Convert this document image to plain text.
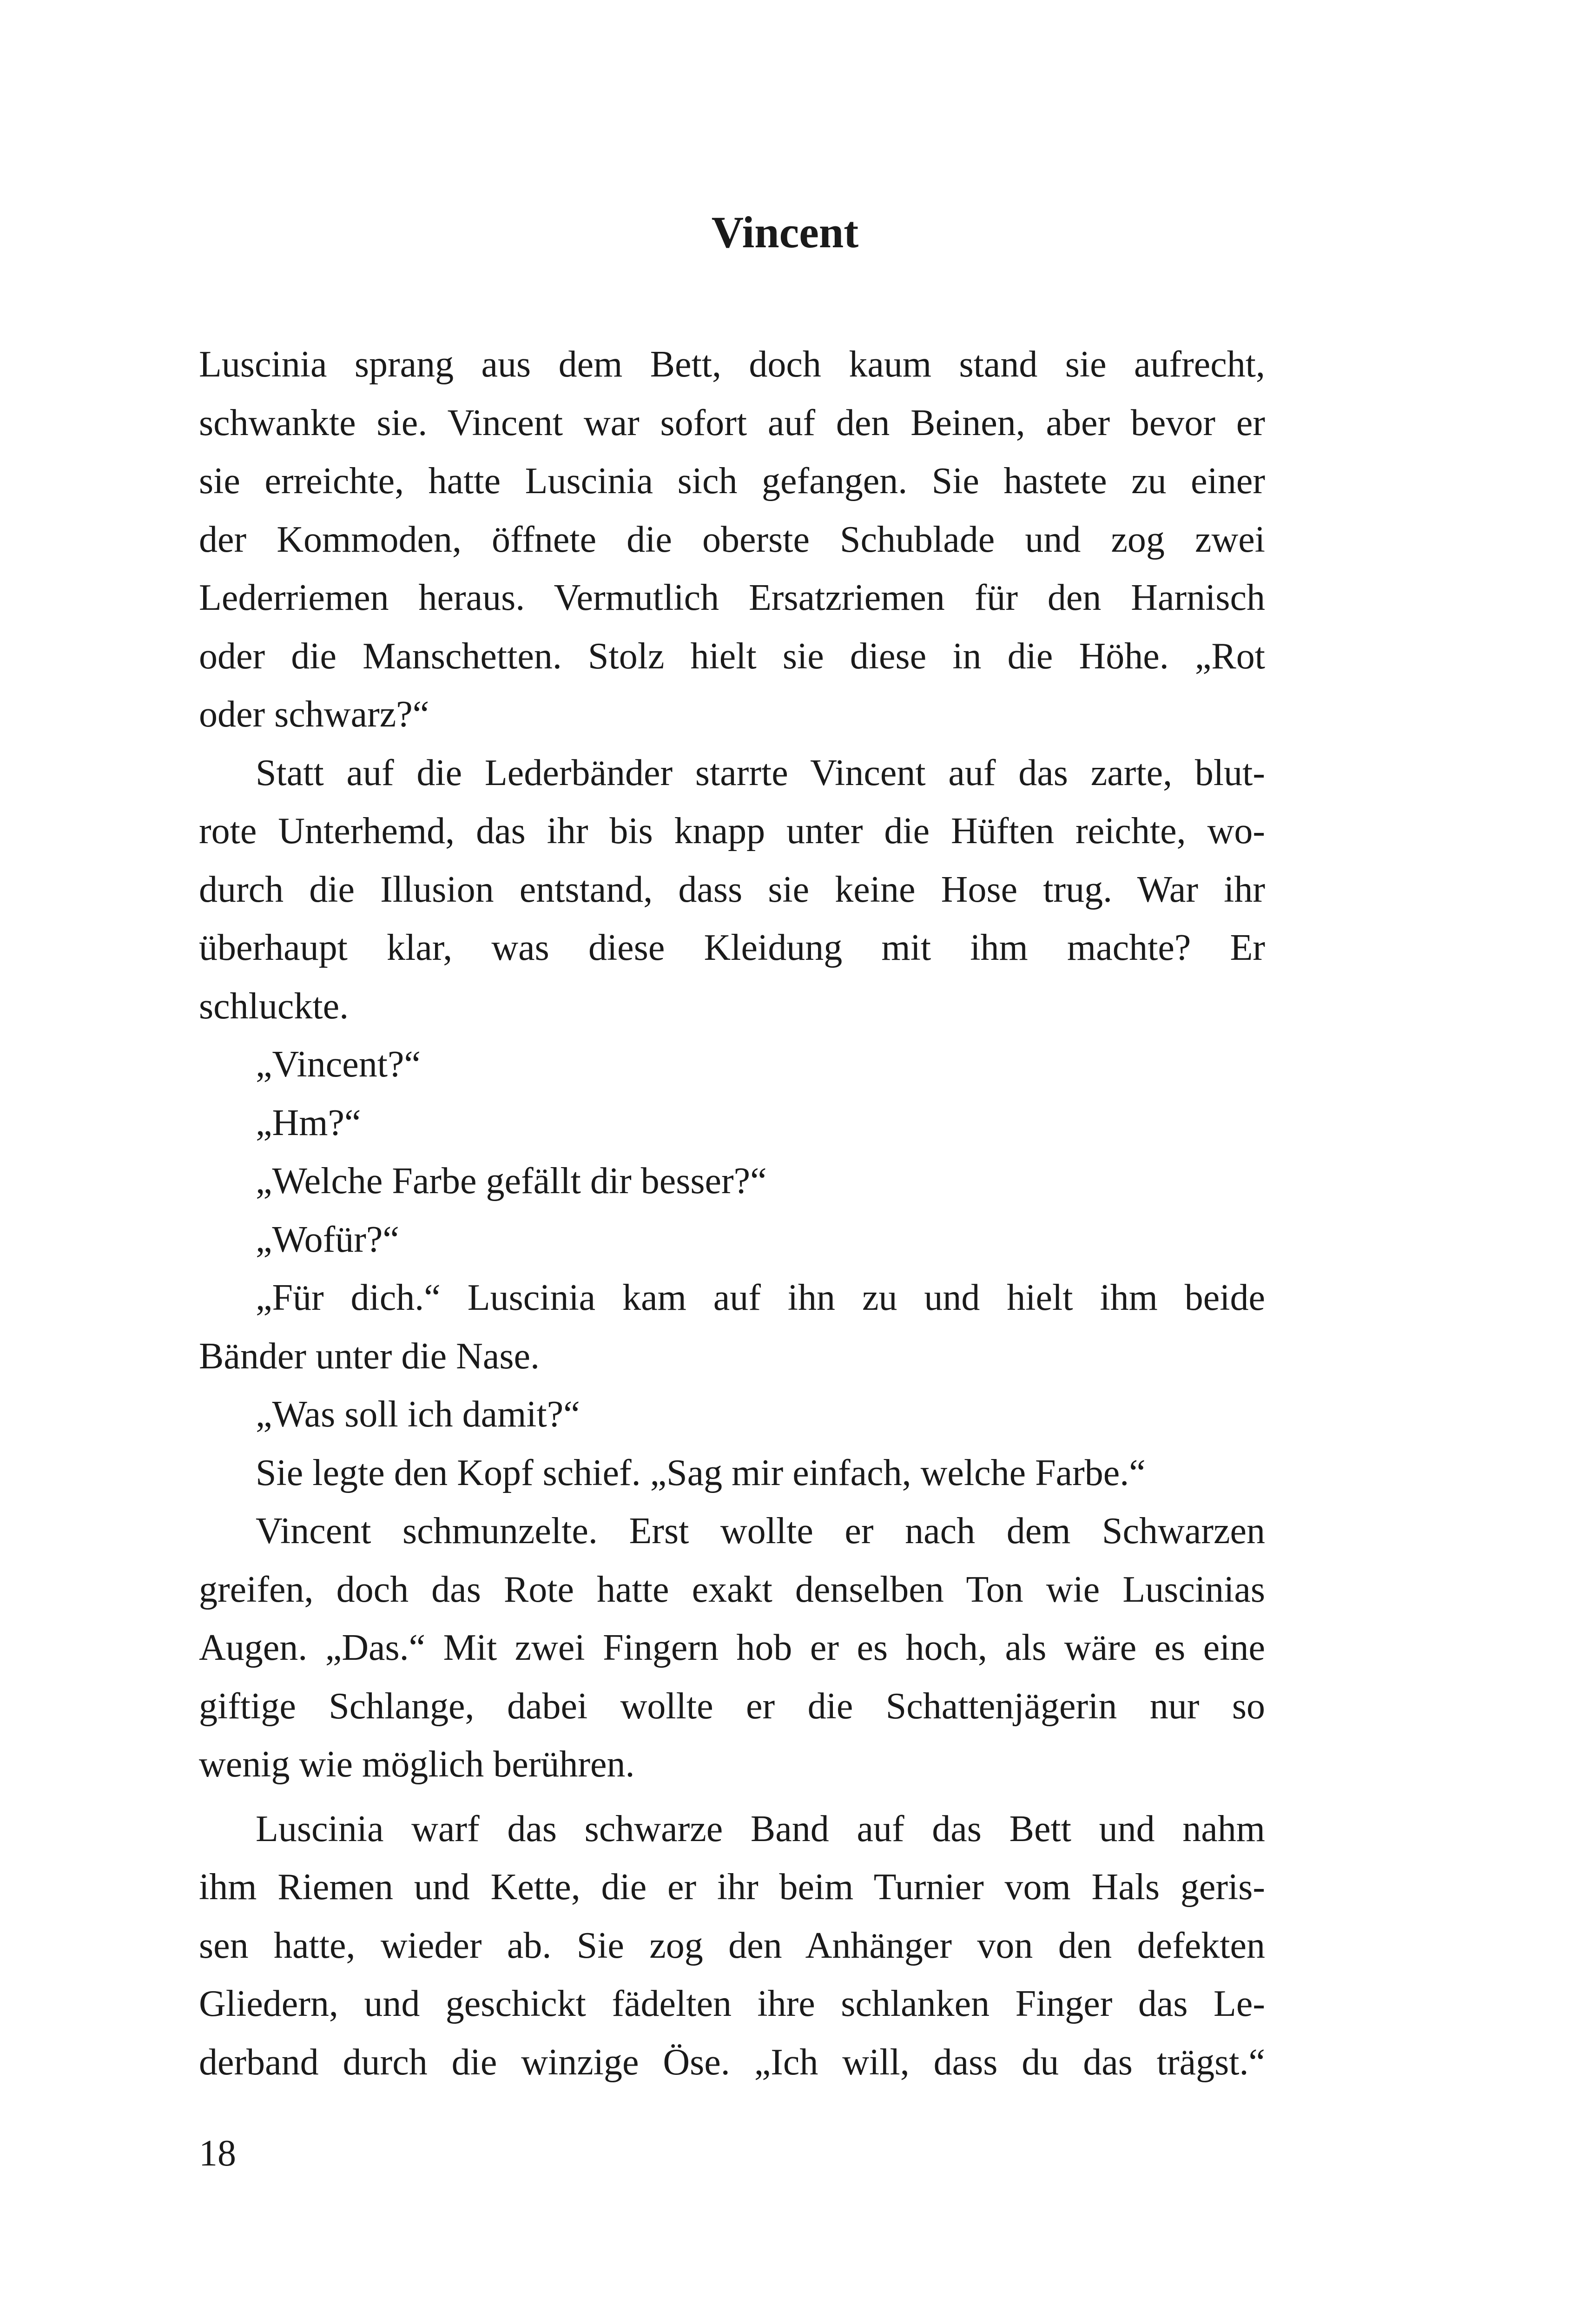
Vincent
Luscinia sprang aus dem Bett, doch kaum stand sie aufrecht,
schwankte sie. Vincent war sofort auf den Beinen, aber bevor er
sie erreichte, hatte Luscinia sich gefangen. Sie hastete zu einer
der Kommoden, öffnete die oberste Schublade und zog zwei
Lederriemen heraus. Vermutlich Ersatzriemen für den Harnisch
oder die Manschetten. Stolz hielt sie diese in die Höhe. „Rot
oder schwarz?“
Statt auf die Lederbänder starrte Vincent auf das zarte, blut-
rote Unterhemd, das ihr bis knapp unter die Hüften reichte, wo-
durch die Illusion entstand, dass sie keine Hose trug. War ihr
überhaupt klar, was diese Kleidung mit ihm machte? Er
schluckte.
„Vincent?“
„Hm?“
„Welche Farbe gefällt dir besser?“
„Wofür?“
„Für dich.“ Luscinia kam auf ihn zu und hielt ihm beide
Bänder unter die Nase.
„Was soll ich damit?“
Sie legte den Kopf schief. „Sag mir einfach, welche Farbe.“
Vincent schmunzelte. Erst wollte er nach dem Schwarzen
greifen, doch das Rote hatte exakt denselben Ton wie Luscinias
Augen. „Das.“ Mit zwei Fingern hob er es hoch, als wäre es eine
giftige Schlange, dabei wollte er die Schattenjägerin nur so
wenig wie möglich berühren.
Luscinia warf das schwarze Band auf das Bett und nahm
ihm Riemen und Kette, die er ihr beim Turnier vom Hals geris-
sen hatte, wieder ab. Sie zog den Anhänger von den defekten
Gliedern, und geschickt fädelten ihre schlanken Finger das Le-
derband durch die winzige Öse. „Ich will, dass du das trägst.“
18
